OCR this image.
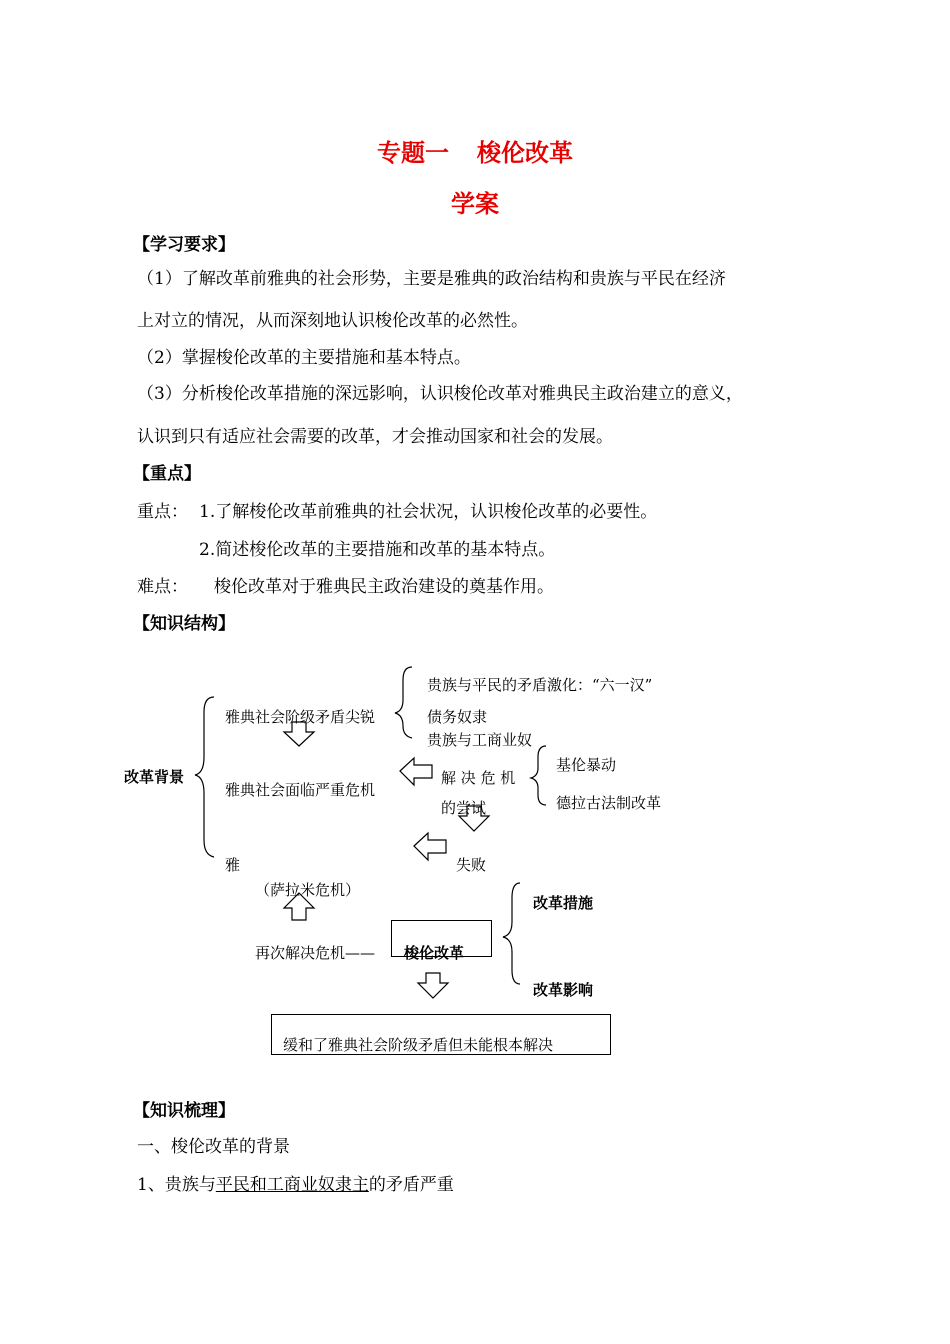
专题一 梭伦改革
学案
【学习要求】
（1）了解改革前雅典的社会形势，主要是雅典的政治结构和贵族与平民在经济
上对立的情况，从而深刻地认识梭伦改革的必然性。
（2）掌握梭伦改革的主要措施和基本特点。
（3）分析梭伦改革措施的深远影响，认识梭伦改革对雅典民主政治建立的意义，
认识到只有适应社会需要的改革，才会推动国家和社会的发展。
【重点】
重点： 1.了解梭伦改革前雅典的社会状况，认识梭伦改革的必要性。
2.简述梭伦改革的主要措施和改革的基本特点。
难点： 梭伦改革对于雅典民主政治建设的奠基作用。
【知识结构】
改革背景
雅典社会阶级矛盾尖锐
贵族与平民的矛盾激化：“六一汉”
债务奴隶
贵族与工商业奴
雅典社会面临严重危机
解 决 危 机
的尝试
基伦暴动
德拉古法制改革
雅	失败
（萨拉米危机）
再次解决危机—— 梭伦改革
改革措施
改革影响
缓和了雅典社会阶级矛盾但未能根本解决
【知识梳理】
一、梭伦改革的背景
1、贵族与平民和工商业奴隶主的矛盾严重
